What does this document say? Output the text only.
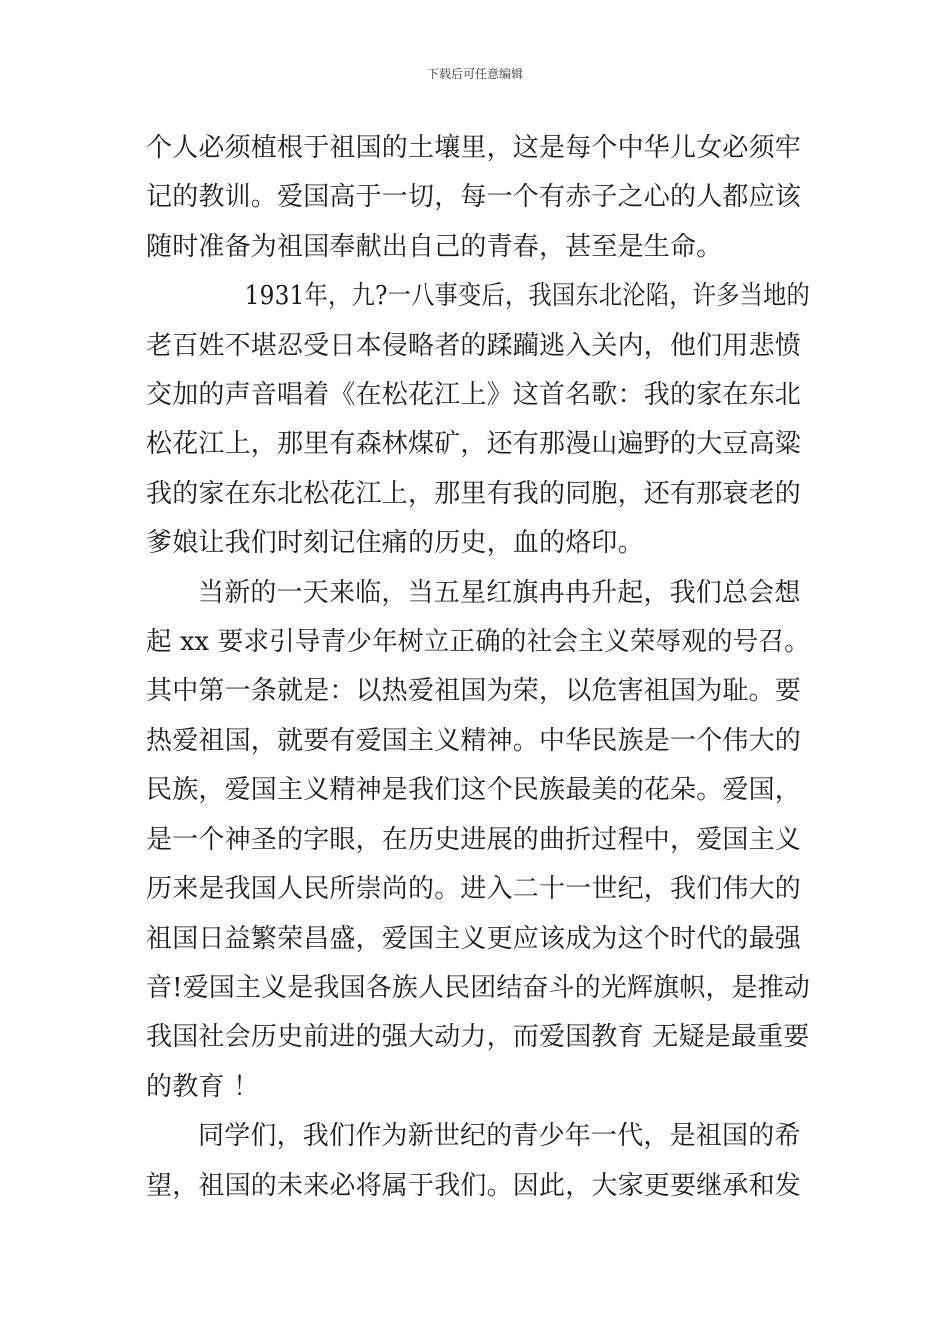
下载后可任意编辑
个人必须植根于祖国的土壤里，这是每个中华儿女必须牢
记的教训。爱国高于一切，每一个有赤子之心的人都应该
随时准备为祖国奉献出自己的青春，甚至是生命。
1931年，九?一八事变后，我国东北沦陷，许多当地的
老百姓不堪忍受日本侵略者的蹂躏逃入关内，他们用悲愤
交加的声音唱着《在松花江上》这首名歌：我的家在东北
松花江上，那里有森林煤矿，还有那漫山遍野的大豆高粱
我的家在东北松花江上，那里有我的同胞，还有那衰老的
爹娘让我们时刻记住痛的历史，血的烙印。
当新的一天来临，当五星红旗冉冉升起，我们总会想
起 xx 要求引导青少年树立正确的社会主义荣辱观的号召。
其中第一条就是：以热爱祖国为荣，以危害祖国为耻。要
热爱祖国，就要有爱国主义精神。中华民族是一个伟大的
民族，爱国主义精神是我们这个民族最美的花朵。爱国，
是一个神圣的字眼，在历史进展的曲折过程中，爱国主义
历来是我国人民所崇尚的。进入二十一世纪，我们伟大的
祖国日益繁荣昌盛，爱国主义更应该成为这个时代的最强
音!爱国主义是我国各族人民团结奋斗的光辉旗帜，是推动
我国社会历史前进的强大动力，而爱国教育 无疑是最重要
的教育 ！
同学们，我们作为新世纪的青少年一代，是祖国的希
望，祖国的未来必将属于我们。因此，大家更要继承和发
